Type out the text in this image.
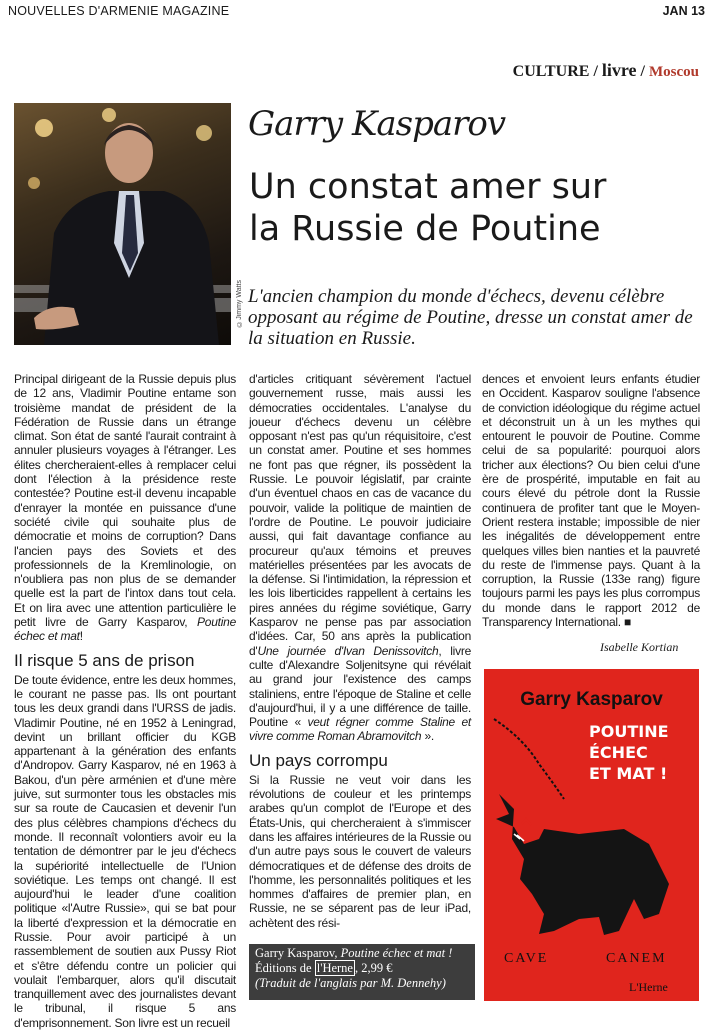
NOUVELLES D'ARMENIE MAGAZINE	JAN 13
CULTURE / livre / Moscou
©Jimmy Watts
Garry Kasparov
Un constat amer sur
la Russie de Poutine
L'ancien champion du monde d'échecs, devenu célèbre opposant au régime de Poutine, dresse un constat amer de la situation en Russie.

Principal dirigeant de la Russie depuis plus de 12 ans, Vladimir Poutine entame son troisième mandat de président de la Fédération de Russie dans un étrange climat. Son état de santé l'aurait contraint à annuler plusieurs voyages à l'étranger. Les élites chercheraient-elles à remplacer celui dont l'élection à la présidence reste contestée? Poutine est-il devenu incapable d'enrayer la montée en puissance d'une société civile qui souhaite plus de démocratie et moins de corruption? Dans l'ancien pays des Soviets et des professionnels de la Kremlinologie, on n'oubliera pas non plus de se demander quelle est la part de l'intox dans tout cela. Et on lira avec une attention particulière le petit livre de Garry Kasparov, Poutine échec et mat!

Il risque 5 ans de prison

De toute évidence, entre les deux hommes, le courant ne passe pas. Ils ont pourtant tous les deux grandi dans l'URSS de jadis. Vladimir Poutine, né en 1952 à Leningrad, devint un brillant officier du KGB appartenant à la génération des enfants d'Andropov. Garry Kasparov, né en 1963 à Bakou, d'un père arménien et d'une mère juive, sut surmonter tous les obstacles mis sur sa route de Caucasien et devenir l'un des plus célèbres champions d'échecs du monde. Il reconnaît volontiers avoir eu la tentation de démontrer par le jeu d'échecs la supériorité intellectuelle de l'Union soviétique. Les temps ont changé. Il est aujourd'hui le leader d'une coalition politique «l'Autre Russie», qui se bat pour la liberté d'expression et la démocratie en Russie. Pour avoir participé à un rassemblement de soutien aux Pussy Riot et s'être défendu contre un policier qui voulait l'embarquer, alors qu'il discutait tranquillement avec des journalistes devant le tribunal, il risque 5 ans d'emprisonnement. Son livre est un recueil

d'articles critiquant sévèrement l'actuel gouvernement russe, mais aussi les démocraties occidentales. L'analyse du joueur d'échecs devenu un célèbre opposant n'est pas qu'un réquisitoire, c'est un constat amer. Poutine et ses hommes ne font pas que régner, ils possèdent la Russie. Le pouvoir législatif, par crainte d'un éventuel chaos en cas de vacance du pouvoir, valide la politique de maintien de l'ordre de Poutine. Le pouvoir judiciaire aussi, qui fait davantage confiance au procureur qu'aux témoins et preuves matérielles présentées par les avocats de la défense. Si l'intimidation, la répression et les lois liberticides rappellent à certains les pires années du régime soviétique, Garry Kasparov ne pense pas par association d'idées. Car, 50 ans après la publication d'Une journée d'Ivan Denissovitch, livre culte d'Alexandre Soljenitsyne qui révélait au grand jour l'existence des camps staliniens, entre l'époque de Staline et celle d'aujourd'hui, il y a une différence de taille. Poutine « veut régner comme Staline et vivre comme Roman Abramovitch ».

Un pays corrompu

Si la Russie ne veut voir dans les révolutions de couleur et les printemps arabes qu'un complot de l'Europe et des États-Unis, qui chercheraient à s'immiscer dans les affaires intérieures de la Russie ou d'un autre pays sous le couvert de valeurs démocratiques et de défense des droits de l'homme, les personnalités politiques et les hommes d'affaires de premier plan, en Russie, ne se séparent pas de leur iPad, achètent des rési-

dences et envoient leurs enfants étudier en Occident. Kasparov souligne l'absence de conviction idéologique du régime actuel et déconstruit un à un les mythes qui entourent le pouvoir de Poutine. Comme celui de sa popularité: pourquoi alors tricher aux élections? Ou bien celui d'une ère de prospérité, imputable en fait au cours élevé du pétrole dont la Russie continuera de profiter tant que le Moyen-Orient restera instable; impossible de nier les inégalités de développement entre quelques villes bien nanties et la pauvreté du reste de l'immense pays. Quant à la corruption, la Russie (133e rang) figure toujours parmi les pays les plus corrompus du monde dans le rapport 2012 de Transparency International. ■

Isabelle Kortian
Garry Kasparov
POUTINE
ÉCHEC
ET MAT !
CAVE	CANEM
L'Herne
Garry Kasparov, Poutine échec et mat !
Éditions de l'Herne , 2,99 €
(Traduit de l'anglais par M. Dennehy)
